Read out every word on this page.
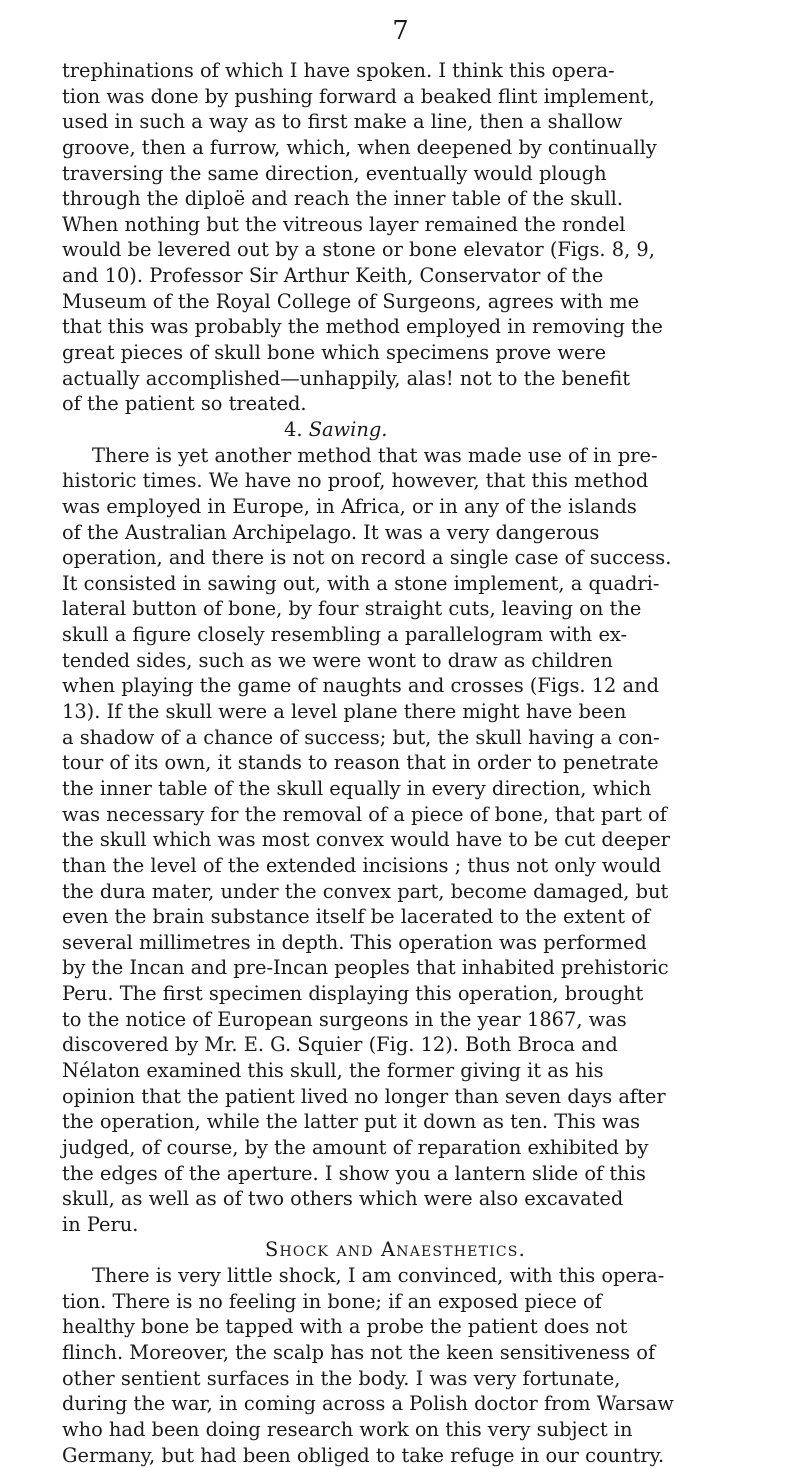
7
trephinations of which I have spoken. I think this opera-
tion was done by pushing forward a beaked flint implement,
used in such a way as to first make a line, then a shallow
groove, then a furrow, which, when deepened by continually
traversing the same direction, eventually would plough
through the diploë and reach the inner table of the skull.
When nothing but the vitreous layer remained the rondel
would be levered out by a stone or bone elevator (Figs. 8, 9,
and 10). Professor Sir Arthur Keith, Conservator of the
Museum of the Royal College of Surgeons, agrees with me
that this was probably the method employed in removing the
great pieces of skull bone which specimens prove were
actually accomplished—unhappily, alas! not to the benefit
of the patient so treated.
4. Sawing.
There is yet another method that was made use of in pre-
historic times. We have no proof, however, that this method
was employed in Europe, in Africa, or in any of the islands
of the Australian Archipelago. It was a very dangerous
operation, and there is not on record a single case of success.
It consisted in sawing out, with a stone implement, a quadri-
lateral button of bone, by four straight cuts, leaving on the
skull a figure closely resembling a parallelogram with ex-
tended sides, such as we were wont to draw as children
when playing the game of naughts and crosses (Figs. 12 and
13). If the skull were a level plane there might have been
a shadow of a chance of success; but, the skull having a con-
tour of its own, it stands to reason that in order to penetrate
the inner table of the skull equally in every direction, which
was necessary for the removal of a piece of bone, that part of
the skull which was most convex would have to be cut deeper
than the level of the extended incisions ; thus not only would
the dura mater, under the convex part, become damaged, but
even the brain substance itself be lacerated to the extent of
several millimetres in depth. This operation was performed
by the Incan and pre-Incan peoples that inhabited prehistoric
Peru. The first specimen displaying this operation, brought
to the notice of European surgeons in the year 1867, was
discovered by Mr. E. G. Squier (Fig. 12). Both Broca and
Nélaton examined this skull, the former giving it as his
opinion that the patient lived no longer than seven days after
the operation, while the latter put it down as ten. This was
judged, of course, by the amount of reparation exhibited by
the edges of the aperture. I show you a lantern slide of this
skull, as well as of two others which were also excavated
in Peru.
Shock and Anaesthetics.
There is very little shock, I am convinced, with this opera-
tion. There is no feeling in bone; if an exposed piece of
healthy bone be tapped with a probe the patient does not
flinch. Moreover, the scalp has not the keen sensitiveness of
other sentient surfaces in the body. I was very fortunate,
during the war, in coming across a Polish doctor from Warsaw
who had been doing research work on this very subject in
Germany, but had been obliged to take refuge in our country.
